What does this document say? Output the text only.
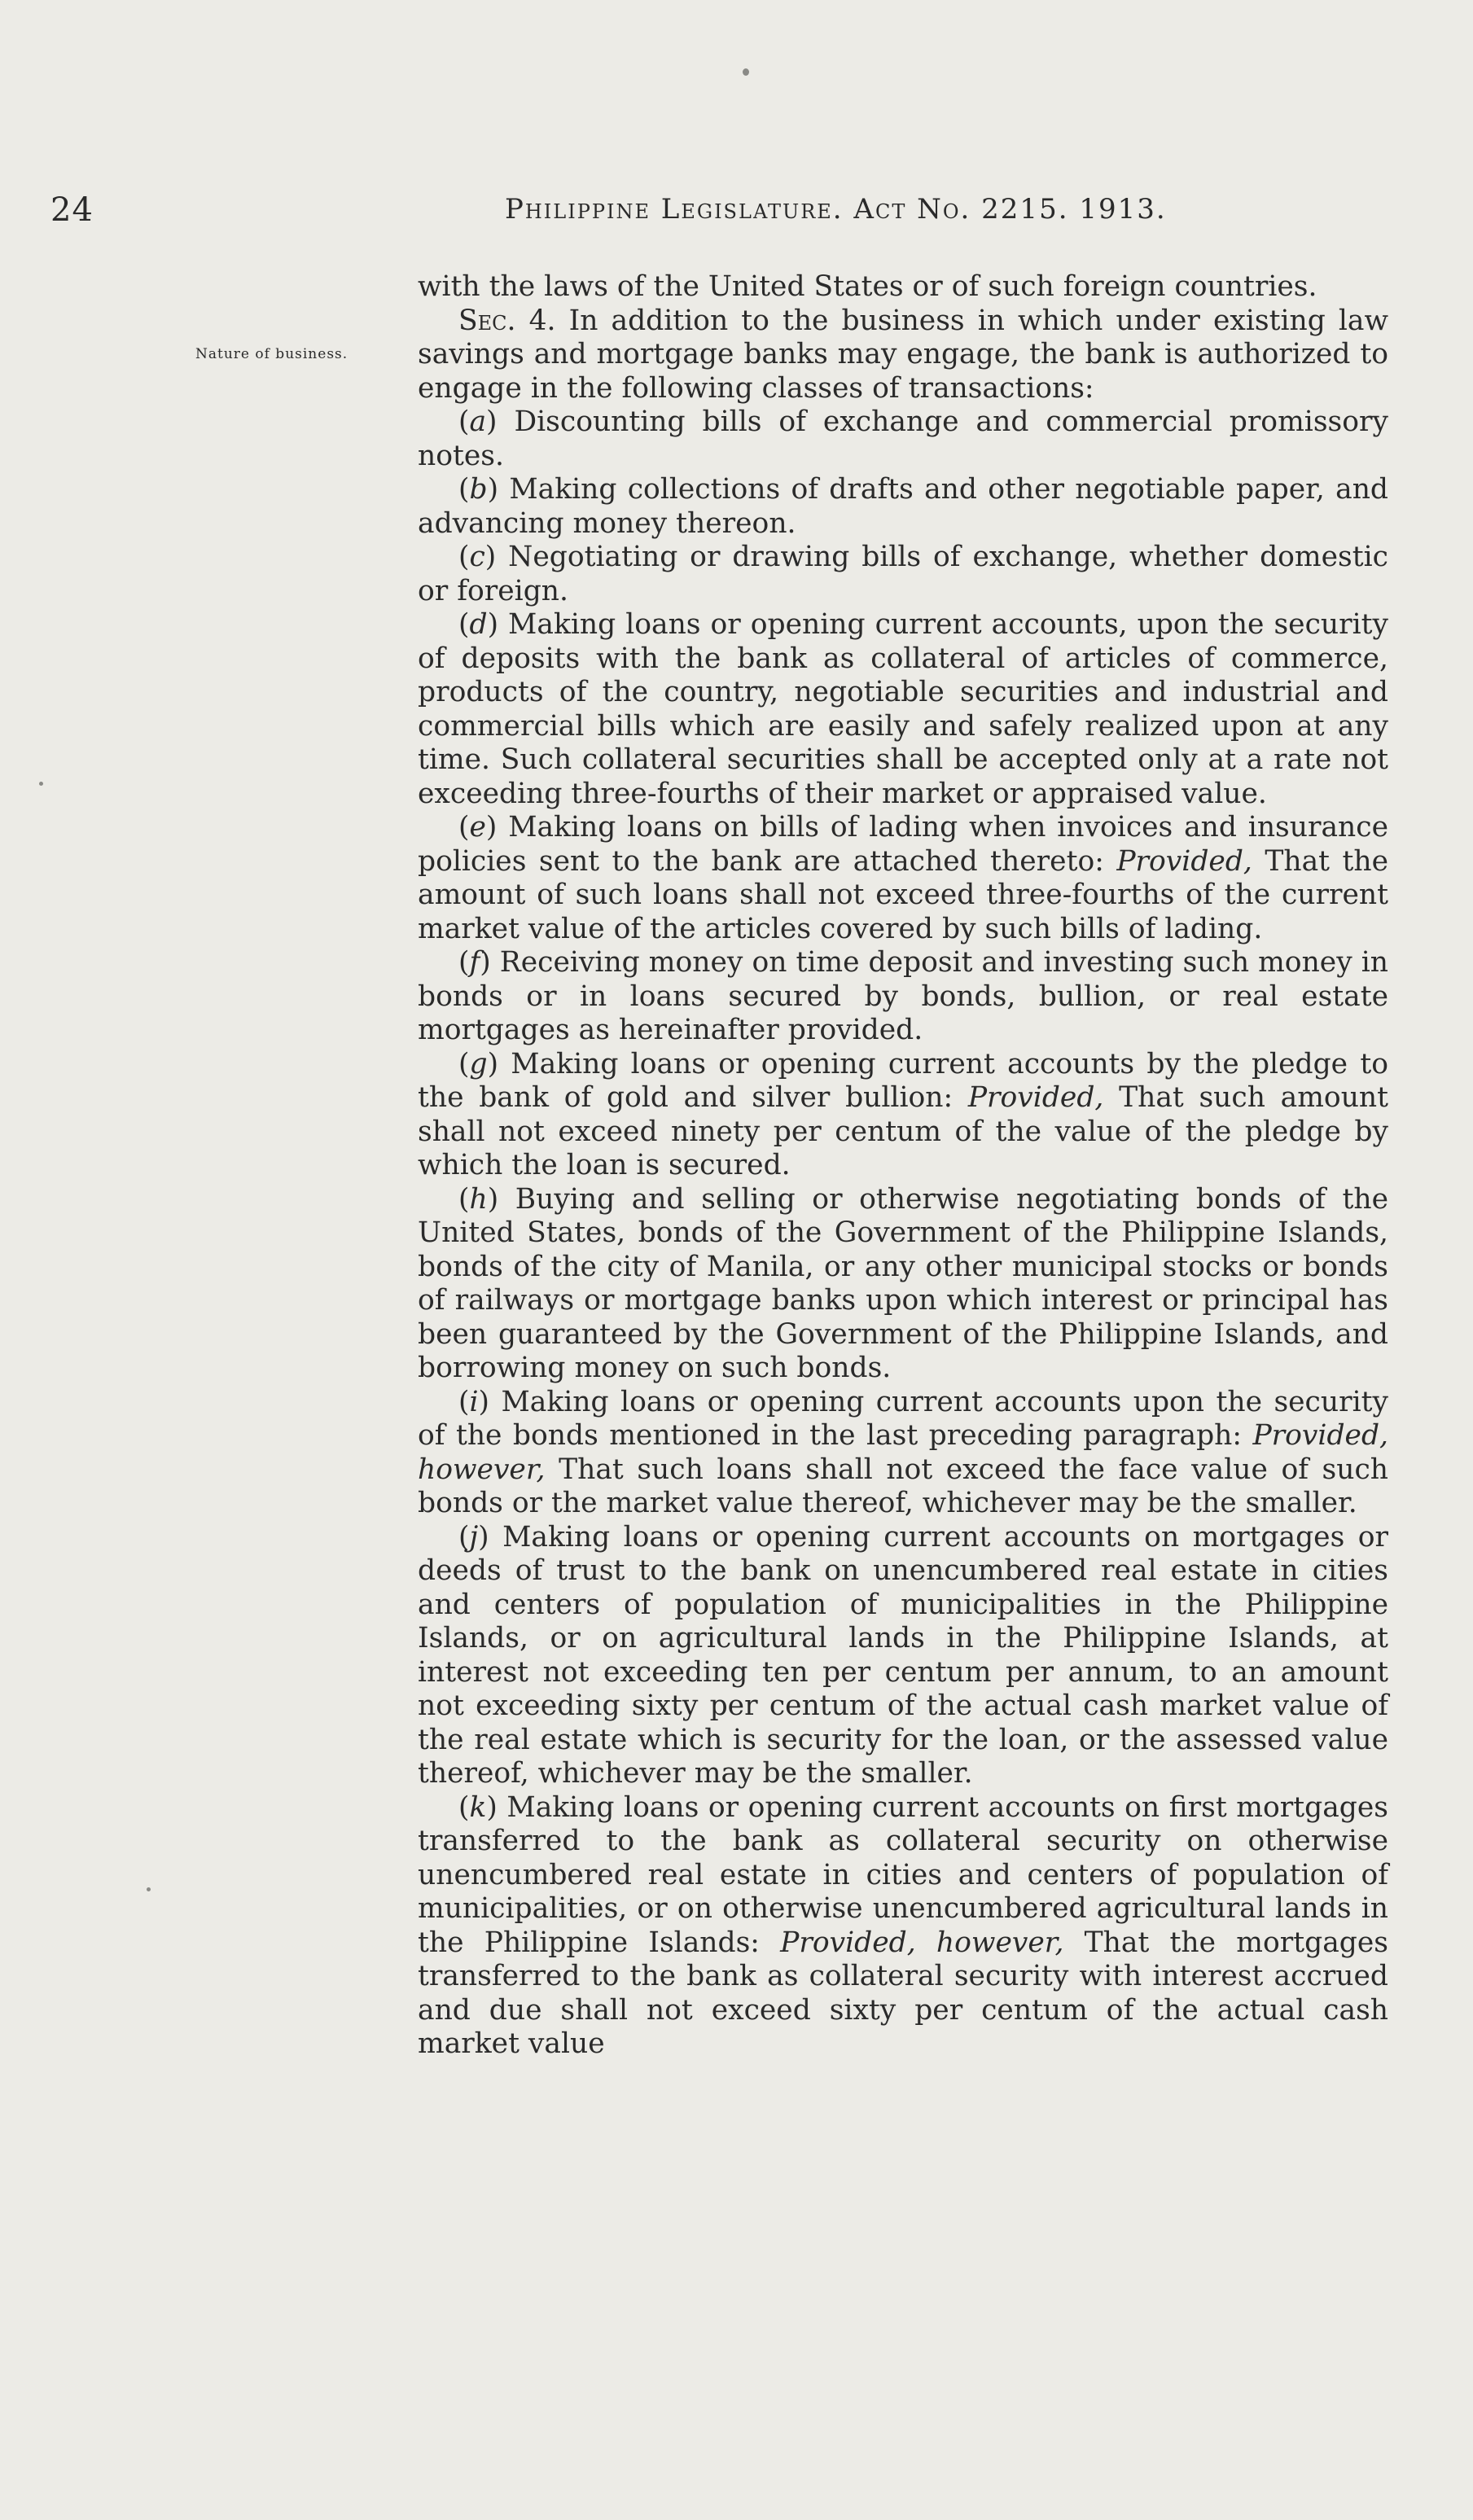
24	Philippine Legislature. Act No. 2215. 1913.
Nature of business.

with the laws of the United States or of such foreign countries.

Sec. 4. In addition to the business in which under existing law savings and mortgage banks may engage, the bank is authorized to engage in the following classes of transactions:

(a) Discounting bills of exchange and commercial promissory notes.

(b) Making collections of drafts and other negotiable paper, and advancing money thereon.

(c) Negotiating or drawing bills of exchange, whether domestic or foreign.

(d) Making loans or opening current accounts, upon the security of deposits with the bank as collateral of articles of commerce, products of the country, negotiable securities and industrial and commercial bills which are easily and safely realized upon at any time. Such collateral securities shall be accepted only at a rate not exceeding three-fourths of their market or appraised value.

(e) Making loans on bills of lading when invoices and insurance policies sent to the bank are attached thereto: Provided, That the amount of such loans shall not exceed three-fourths of the current market value of the articles covered by such bills of lading.

(f) Receiving money on time deposit and investing such money in bonds or in loans secured by bonds, bullion, or real estate mortgages as hereinafter provided.

(g) Making loans or opening current accounts by the pledge to the bank of gold and silver bullion: Provided, That such amount shall not exceed ninety per centum of the value of the pledge by which the loan is secured.

(h) Buying and selling or otherwise negotiating bonds of the United States, bonds of the Government of the Philippine Islands, bonds of the city of Manila, or any other municipal stocks or bonds of railways or mortgage banks upon which interest or principal has been guaranteed by the Government of the Philippine Islands, and borrowing money on such bonds.

(i) Making loans or opening current accounts upon the security of the bonds mentioned in the last preceding paragraph: Provided, however, That such loans shall not exceed the face value of such bonds or the market value thereof, whichever may be the smaller.

(j) Making loans or opening current accounts on mortgages or deeds of trust to the bank on unencumbered real estate in cities and centers of population of municipalities in the Philippine Islands, or on agricultural lands in the Philippine Islands, at interest not exceeding ten per centum per annum, to an amount not exceeding sixty per centum of the actual cash market value of the real estate which is security for the loan, or the assessed value thereof, whichever may be the smaller.

(k) Making loans or opening current accounts on first mortgages transferred to the bank as collateral security on otherwise unencumbered real estate in cities and centers of population of municipalities, or on otherwise unencumbered agricultural lands in the Philippine Islands: Provided, however, That the mortgages transferred to the bank as collateral security with interest accrued and due shall not exceed sixty per centum of the actual cash market value
